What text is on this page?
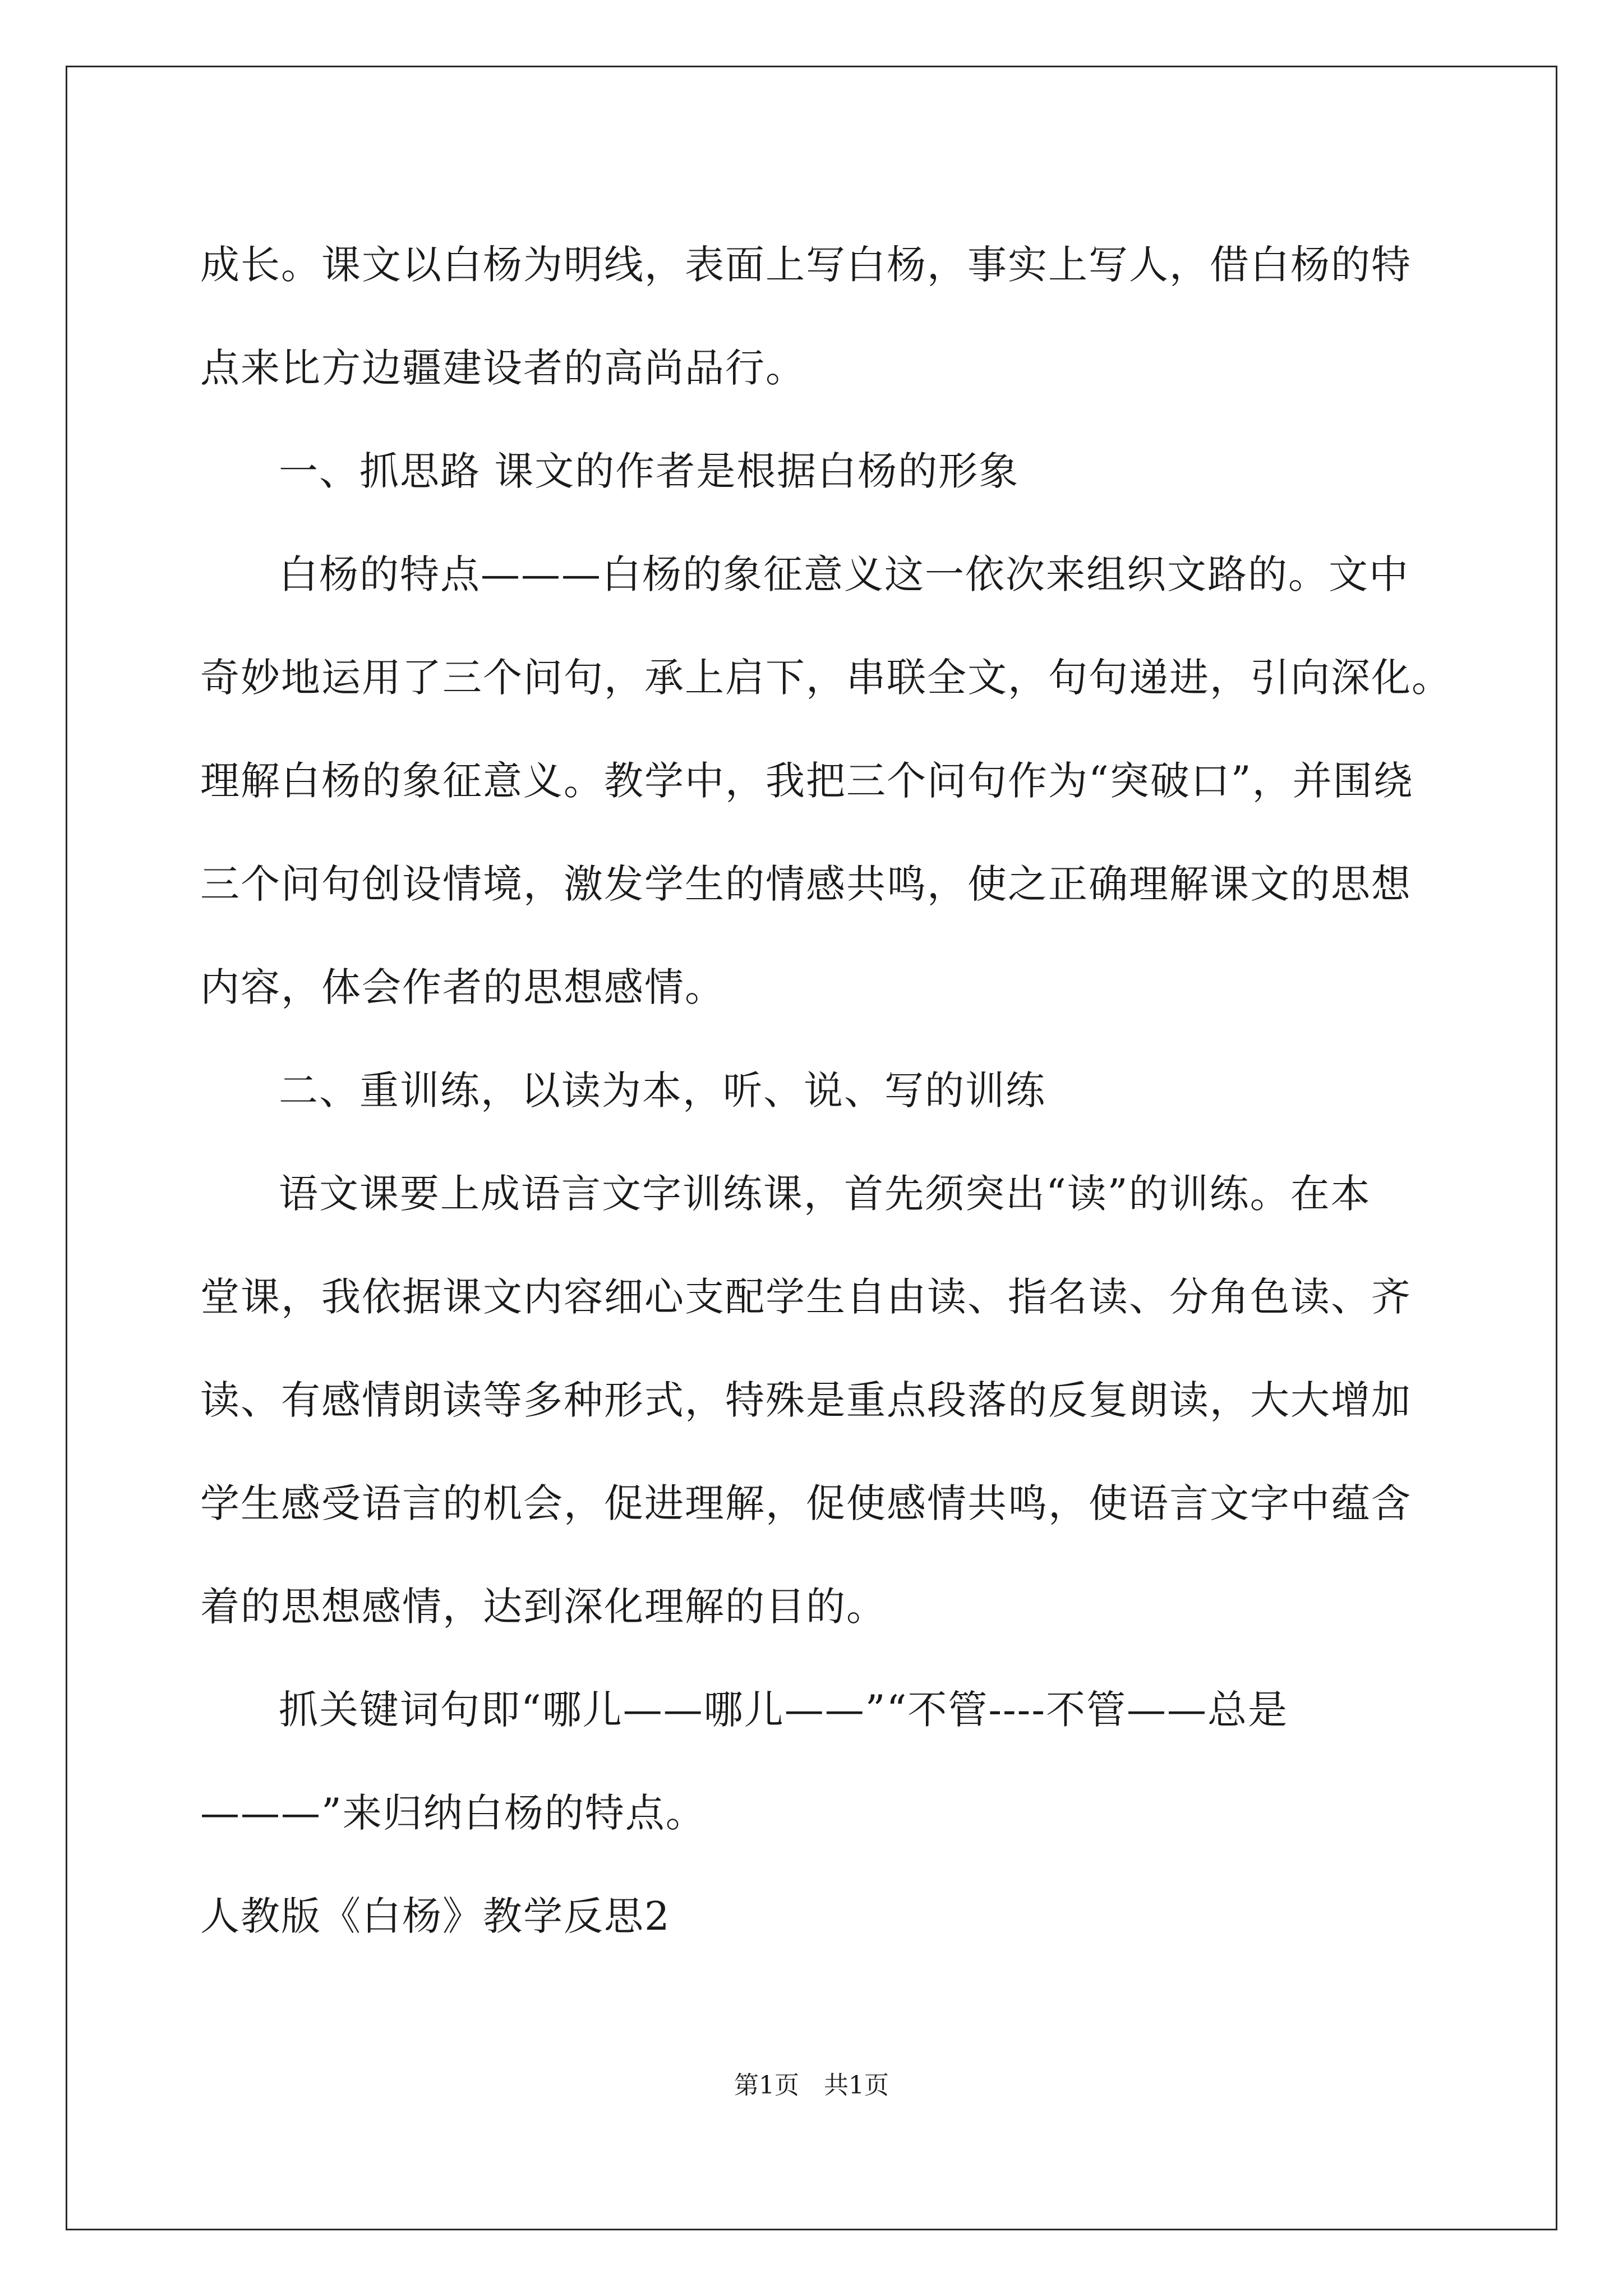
成长。课文以白杨为明线，表面上写白杨，事实上写人，借白杨的特

点来比方边疆建设者的高尚品行。

一、抓思路 课文的作者是根据白杨的形象

白杨的特点———白杨的象征意义这一依次来组织文路的。文中

奇妙地运用了三个问句，承上启下，串联全文，句句递进，引向深化。

理解白杨的象征意义。教学中，我把三个问句作为“突破口”，并围绕

三个问句创设情境，激发学生的情感共鸣，使之正确理解课文的思想

内容，体会作者的思想感情。

二、重训练，以读为本，听、说、写的训练

语文课要上成语言文字训练课，首先须突出“读”的训练。在本

堂课，我依据课文内容细心支配学生自由读、指名读、分角色读、齐

读、有感情朗读等多种形式，特殊是重点段落的反复朗读，大大增加

学生感受语言的机会，促进理解，促使感情共鸣，使语言文字中蕴含

着的思想感情，达到深化理解的目的。

抓关键词句即“哪儿——哪儿——”“不管----不管——总是

———”来归纳白杨的特点。

人教版《白杨》教学反思2

第1页 共1页
